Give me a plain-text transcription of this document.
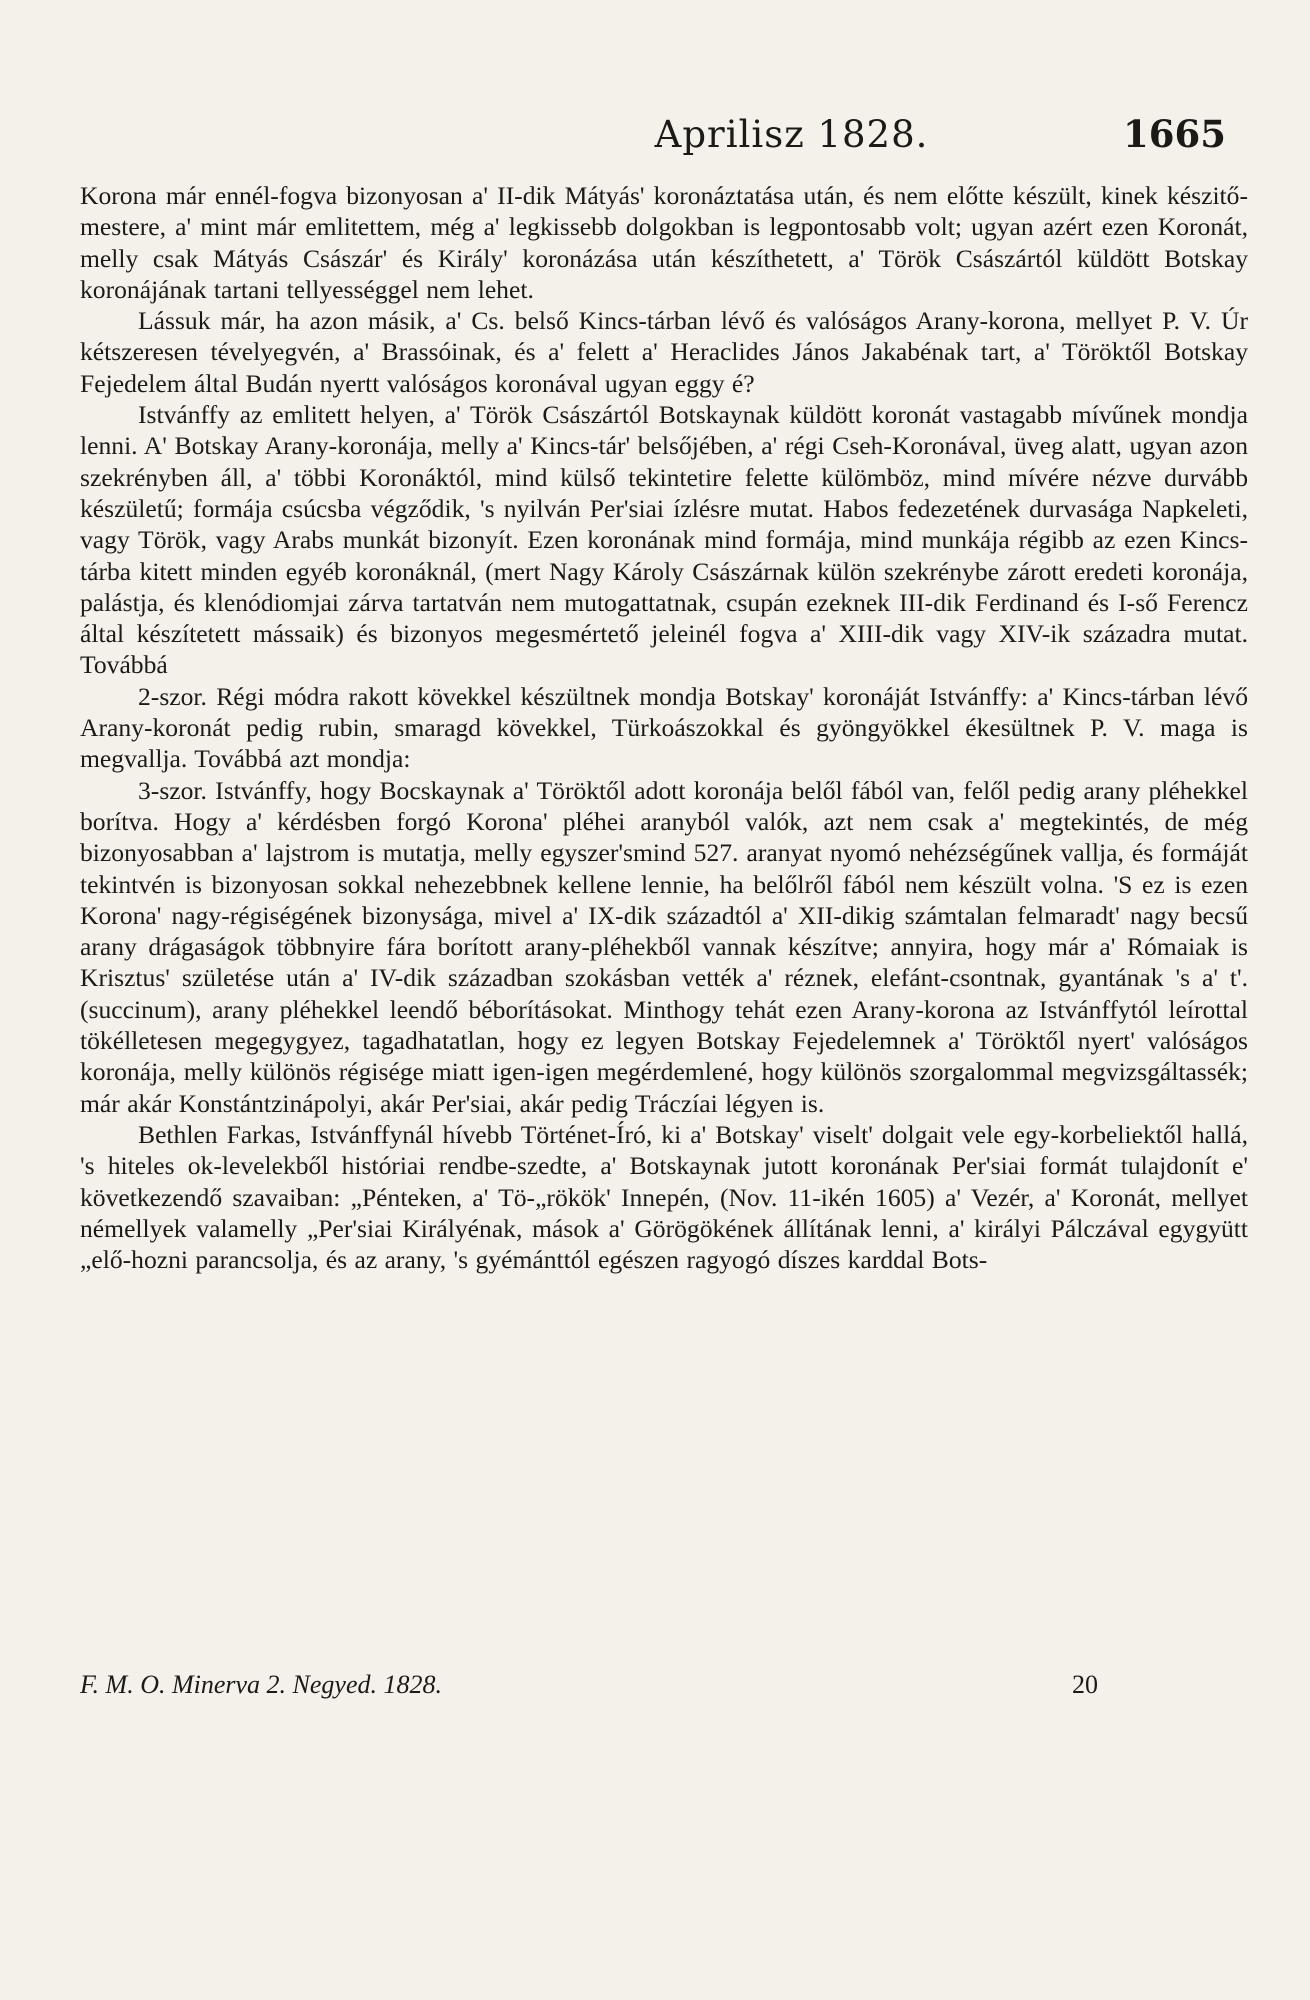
Aprilisz 1828.	1665

Korona már ennél-fogva bizonyosan a' II-dik Mátyás' koronáztatása után, és nem előtte készült, kinek készitő-mestere, a' mint már emlitettem, még a' legkissebb dolgokban is legpontosabb volt; ugyan azért ezen Koronát, melly csak Mátyás Császár' és Király' koronázása után készíthetett, a' Török Császártól küldött Botskay koronájának tartani tellyességgel nem lehet.

Lássuk már, ha azon másik, a' Cs. belső Kincs-tárban lévő és valóságos Arany-korona, mellyet P. V. Úr kétszeresen tévelyegvén, a' Brassóinak, és a' felett a' Heraclides János Jakabénak tart, a' Töröktől Botskay Fejedelem által Budán nyertt valóságos koronával ugyan eggy é?

Istvánffy az emlitett helyen, a' Török Császártól Botskaynak küldött koronát vastagabb mívűnek mondja lenni. A' Botskay Arany-koronája, melly a' Kincs-tár' belsőjében, a' régi Cseh-Koronával, üveg alatt, ugyan azon szekrényben áll, a' többi Koronáktól, mind külső tekintetire felette külömböz, mind mívére nézve durvább készületű; formája csúcsba végződik, 's nyilván Per'siai ízlésre mutat. Habos fedezetének durvasága Napkeleti, vagy Török, vagy Arabs munkát bizonyít. Ezen koronának mind formája, mind munkája régibb az ezen Kincs-tárba kitett minden egyéb koronáknál, (mert Nagy Károly Császárnak külön szekrénybe zárott eredeti koronája, palástja, és klenódiomjai zárva tartatván nem mutogattatnak, csupán ezeknek III-dik Ferdinand és I-ső Ferencz által készítetett mássaik) és bizonyos megesmértető jeleinél fogva a' XIII-dik vagy XIV-ik századra mutat. Továbbá

2-szor. Régi módra rakott kövekkel készültnek mondja Botskay' koronáját Istvánffy: a' Kincs-tárban lévő Arany-koronát pedig rubin, smaragd kövekkel, Türkoászokkal és gyöngyökkel ékesültnek P. V. maga is megvallja. Továbbá azt mondja:

3-szor. Istvánffy, hogy Bocskaynak a' Töröktől adott koronája belől fából van, felől pedig arany pléhekkel borítva. Hogy a' kérdésben forgó Korona' pléhei aranyból valók, azt nem csak a' megtekintés, de még bizonyosabban a' lajstrom is mutatja, melly egyszer'smind 527. aranyat nyomó nehézségűnek vallja, és formáját tekintvén is bizonyosan sokkal nehezebbnek kellene lennie, ha belőlről fából nem készült volna. 'S ez is ezen Korona' nagy-régiségének bizonysága, mivel a' IX-dik századtól a' XII-dikig számtalan felmaradt' nagy becsű arany drágaságok többnyire fára borított arany-pléhekből vannak készítve; annyira, hogy már a' Rómaiak is Krisztus' születése után a' IV-dik században szokásban vették a' réznek, elefánt-csontnak, gyantának 's a' t'. (succinum), arany pléhekkel leendő béborításokat. Minthogy tehát ezen Arany-korona az Istvánffytól leírottal tökélletesen megegygyez, tagadhatatlan, hogy ez legyen Botskay Fejedelemnek a' Töröktől nyert' valóságos koronája, melly különös régisége miatt igen-igen megérdemlené, hogy különös szorgalommal megvizsgáltassék; már akár Konstántzinápolyi, akár Per'siai, akár pedig Tráczíai légyen is.

Bethlen Farkas, Istvánffynál hívebb Történet-Író, ki a' Botskay' viselt' dolgait vele egy-korbeliektől hallá, 's hiteles ok-levelekből históriai rendbe-szedte, a' Botskaynak jutott koronának Per'siai formát tulajdonít e' következendő szavaiban: „Pénteken, a' Tö-„rökök' Innepén, (Nov. 11-ikén 1605) a' Vezér, a' Koronát, mellyet némellyek valamelly „Per'siai Királyénak, mások a' Görögökének állítának lenni, a' királyi Pálczával egygyütt „elő-hozni parancsolja, és az arany, 's gyémánttól egészen ragyogó díszes karddal Bots-

F. M. O. Minerva 2. Negyed. 1828.	20
